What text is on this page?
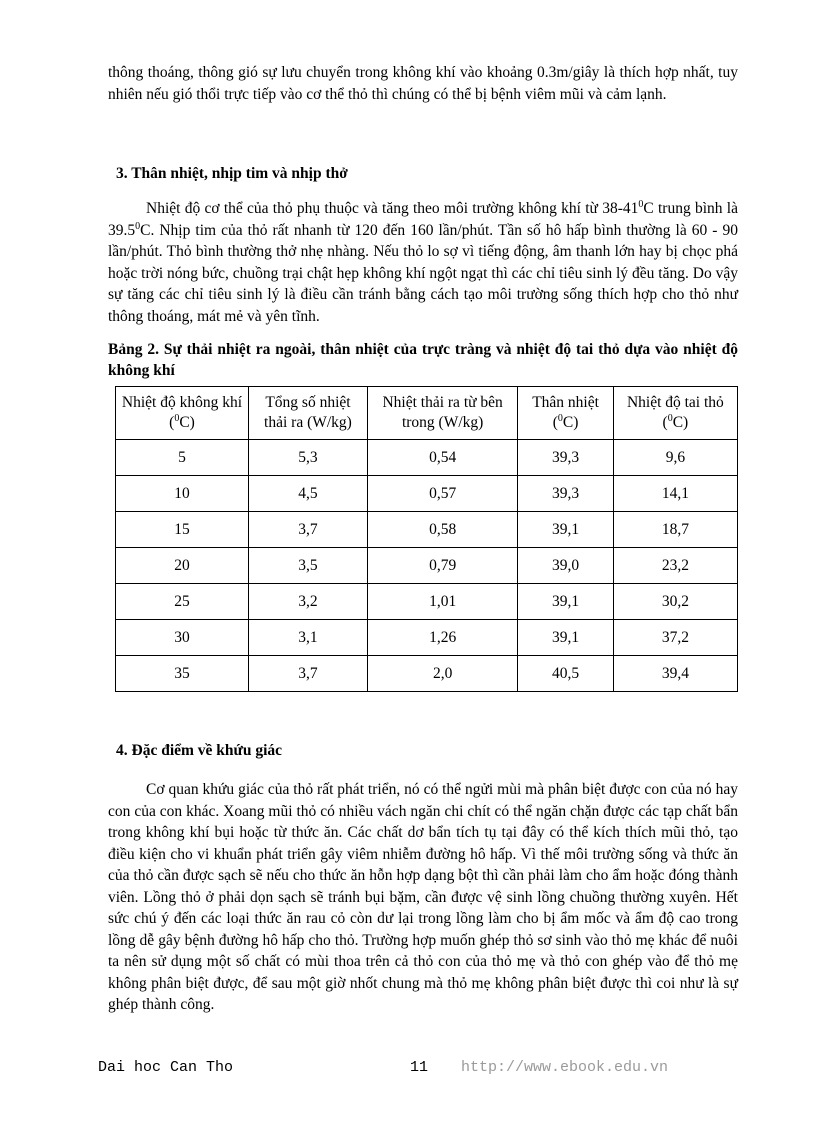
thông thoáng, thông gió sự lưu chuyển trong không khí vào khoảng 0.3m/giây là thích hợp nhất, tuy nhiên nếu gió thổi trực tiếp vào cơ thể thỏ thì chúng có thể bị bệnh viêm mũi và cảm lạnh.

3. Thân nhiệt, nhịp tim và nhịp thở

Nhiệt độ cơ thể của thỏ phụ thuộc và tăng theo môi trường không khí từ $38-41^0C$ trung bình là 39.5$^0$C. Nhịp tim của thỏ rất nhanh từ 120 đến 160 lần/phút. Tần số hô hấp bình thường là 60 - 90 lần/phút. Thỏ bình thường thở nhẹ nhàng. Nếu thỏ lo sợ vì tiếng động, âm thanh lớn hay bị chọc phá hoặc trời nóng bức, chuồng trại chật hẹp không khí ngột ngạt thì các chỉ tiêu sinh lý đều tăng. Do vậy sự tăng các chỉ tiêu sinh lý là điều cần tránh bằng cách tạo môi trường sống thích hợp cho thỏ như thông thoáng, mát mẻ và yên tĩnh.

Bảng 2. Sự thải nhiệt ra ngoài, thân nhiệt của trực tràng và nhiệt độ tai thỏ dựa vào nhiệt độ không khí
Nhiệt độ không khí ($^0$C)	Tổng số nhiệt thải ra (W/kg)	Nhiệt thải ra từ bên trong (W/kg)	Thân nhiệt ($^0$C)	Nhiệt độ tai thỏ ($^0$C)
5	5,3	0,54	39,3	9,6
10	4,5	0,57	39,3	14,1
15	3,7	0,58	39,1	18,7
20	3,5	0,79	39,0	23,2
25	3,2	1,01	39,1	30,2
30	3,1	1,26	39,1	37,2
35	3,7	2,0	40,5	39,4
4. Đặc điểm về khứu giác

Cơ quan khứu giác của thỏ rất phát triển, nó có thể ngửi mùi mà phân biệt được con của nó hay con của con khác. Xoang mũi thỏ có nhiều vách ngăn chi chít có thể ngăn chặn được các tạp chất bẩn trong không khí bụi hoặc từ thức ăn. Các chất dơ bẩn tích tụ tại đây có thể kích thích mũi thỏ, tạo điều kiện cho vi khuẩn phát triển gây viêm nhiễm đường hô hấp. Vì thế môi trường sống và thức ăn của thỏ cần được sạch sẽ nếu cho thức ăn hỗn hợp dạng bột thì cần phải làm cho ẩm hoặc đóng thành viên. Lồng thỏ ở phải dọn sạch sẽ tránh bụi bặm, cần được vệ sinh lồng chuồng thường xuyên. Hết sức chú ý đến các loại thức ăn rau cỏ còn dư lại trong lồng làm cho bị ẩm mốc và ẩm độ cao trong lồng dễ gây bệnh đường hô hấp cho thỏ. Trường hợp muốn ghép thỏ sơ sinh vào thỏ mẹ khác để nuôi ta nên sử dụng một số chất có mùi thoa trên cả thỏ con của thỏ mẹ và thỏ con ghép vào để thỏ mẹ không phân biệt được, để sau một giờ nhốt chung mà thỏ mẹ không phân biệt được thì coi như là sự ghép thành công.

Dai hoc Can Tho	11 http://www.ebook.edu.vn
